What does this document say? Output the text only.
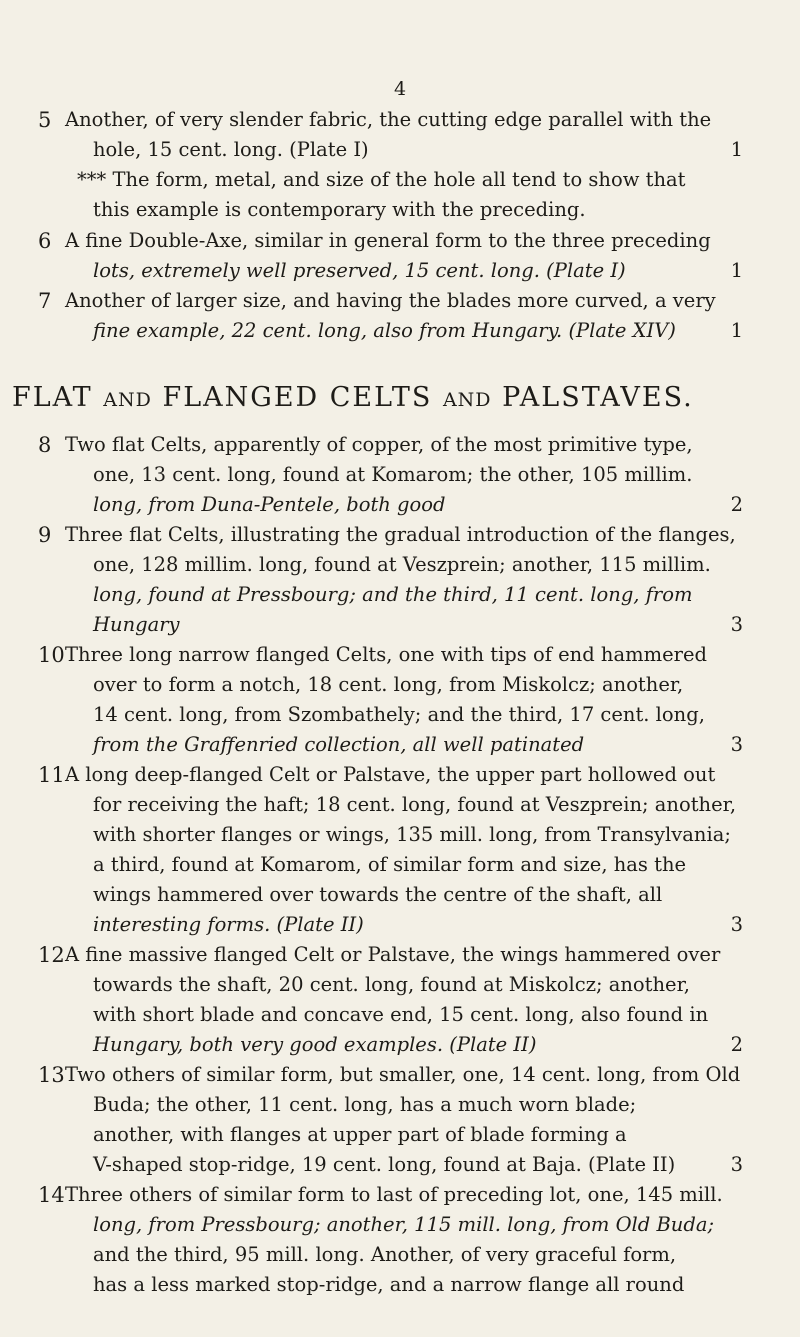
4
5 Another, of very slender fabric, the cutting edge parallel with the
hole, 15 cent. long. (Plate I)	1
*** The form, metal, and size of the hole all tend to show that
this example is contemporary with the preceding.
6 A fine Double-Axe, similar in general form to the three preceding
lots, extremely well preserved, 15 cent. long. (Plate I)	1
7 Another of larger size, and having the blades more curved, a very
fine example, 22 cent. long, also from Hungary. (Plate XIV)	1
FLAT AND FLANGED CELTS AND PALSTAVES.
8 Two flat Celts, apparently of copper, of the most primitive type,
one, 13 cent. long, found at Komarom; the other, 105 millim.
long, from Duna-Pentele, both good	2
9 Three flat Celts, illustrating the gradual introduction of the flanges,
one, 128 millim. long, found at Veszprein; another, 115 millim.
long, found at Pressbourg; and the third, 11 cent. long, from
Hungary	3
10 Three long narrow flanged Celts, one with tips of end hammered
over to form a notch, 18 cent. long, from Miskolcz; another,
14 cent. long, from Szombathely; and the third, 17 cent. long,
from the Graffenried collection, all well patinated	3
11 A long deep-flanged Celt or Palstave, the upper part hollowed out
for receiving the haft; 18 cent. long, found at Veszprein; another,
with shorter flanges or wings, 135 mill. long, from Transylvania;
a third, found at Komarom, of similar form and size, has the
wings hammered over towards the centre of the shaft, all
interesting forms. (Plate II)	3
12 A fine massive flanged Celt or Palstave, the wings hammered over
towards the shaft, 20 cent. long, found at Miskolcz; another,
with short blade and concave end, 15 cent. long, also found in
Hungary, both very good examples. (Plate II)	2
13 Two others of similar form, but smaller, one, 14 cent. long, from Old
Buda; the other, 11 cent. long, has a much worn blade;
another, with flanges at upper part of blade forming a
V-shaped stop-ridge, 19 cent. long, found at Baja. (Plate II)	3
14 Three others of similar form to last of preceding lot, one, 145 mill.
long, from Pressbourg; another, 115 mill. long, from Old Buda;
and the third, 95 mill. long. Another, of very graceful form,
has a less marked stop-ridge, and a narrow flange all round
